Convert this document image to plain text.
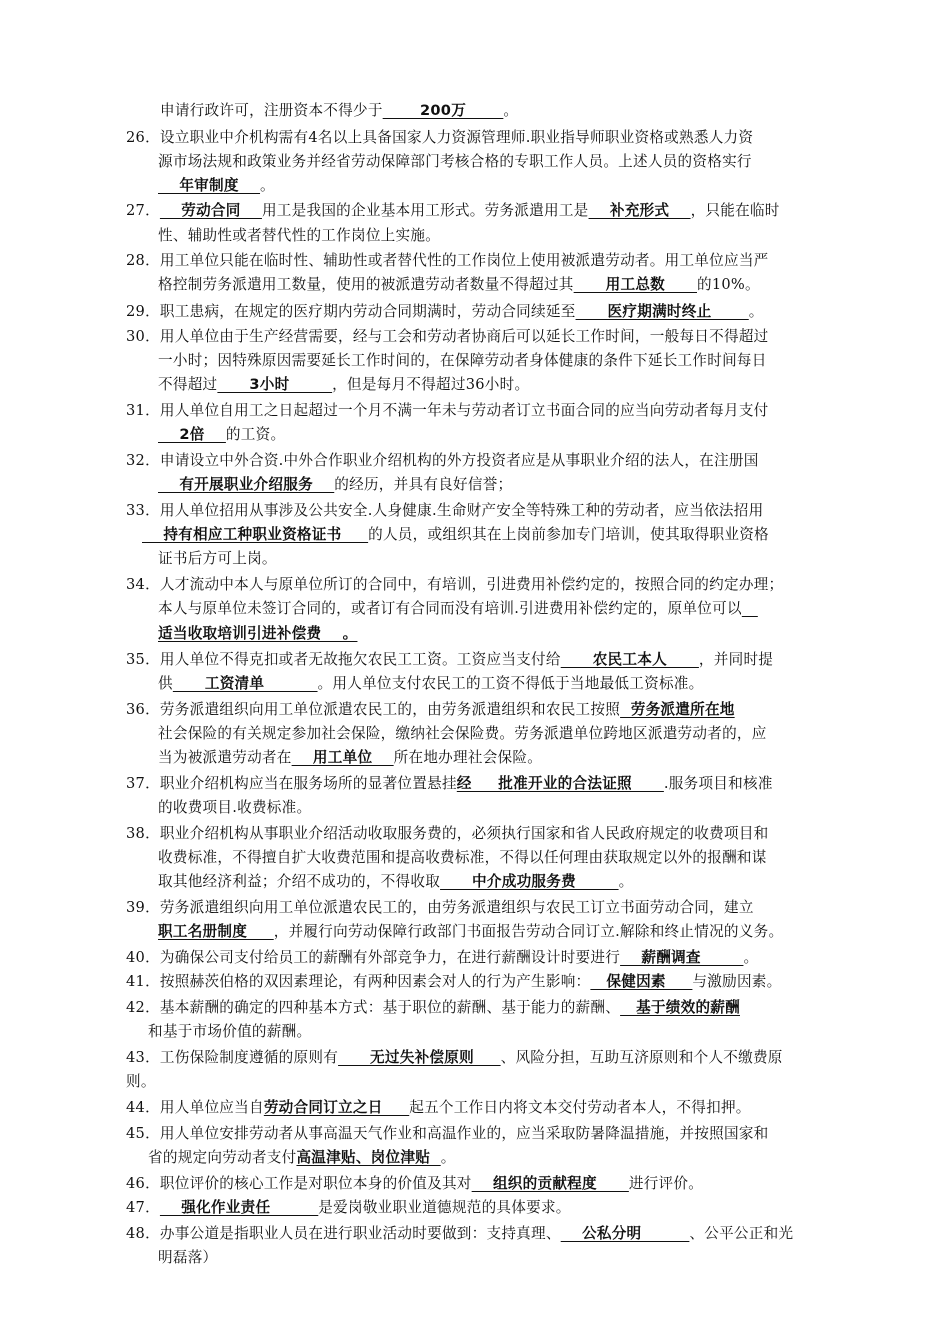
申请行政许可，注册资本不得少于       200万       。
26．设立职业中介机构需有4名以上具备国家人力资源管理师.职业指导师职业资格或熟悉人力资
源市场法规和政策业务并经省劳动保障部门考核合格的专职工作人员。上述人员的资格实行
年审制度    。
27．    劳动合同    用工是我国的企业基本用工形式。劳务派遣用工是    补充形式    ，只能在临时
性、辅助性或者替代性的工作岗位上实施。
28．用工单位只能在临时性、辅助性或者替代性的工作岗位上使用被派遣劳动者。用工单位应当严
格控制劳务派遣用工数量，使用的被派遣劳动者数量不得超过其      用工总数      的10%。
29．职工患病，在规定的医疗期内劳动合同期满时，劳动合同续延至      医疗期满时终止       。
30．用人单位由于生产经营需要，经与工会和劳动者协商后可以延长工作时间，一般每日不得超过
一小时；因特殊原因需要延长工作时间的，在保障劳动者身体健康的条件下延长工作时间每日
不得超过      3小时        ，但是每月不得超过36小时。
31．用人单位自用工之日起超过一个月不满一年未与劳动者订立书面合同的应当向劳动者每月支付
2倍    的工资。
32．申请设立中外合资.中外合作职业介绍机构的外方投资者应是从事职业介绍的法人，在注册国
有开展职业介绍服务    的经历，并具有良好信誉；
33．用人单位招用从事涉及公共安全.人身健康.生命财产安全等特殊工种的劳动者，应当依法招用
持有相应工种职业资格证书     的人员，或组织其在上岗前参加专门培训，使其取得职业资格
证书后方可上岗。
34．人才流动中本人与原单位所订的合同中，有培训，引进费用补偿约定的，按照合同的约定办理；
本人与原单位未签订合同的，或者订有合同而没有培训.引进费用补偿约定的，原单位可以
适当收取培训引进补偿费    。
35．用人单位不得克扣或者无故拖欠农民工工资。工资应当支付给      农民工本人      ，并同时提
供      工资清单          。用人单位支付农民工的工资不得低于当地最低工资标准。
36．劳务派遣组织向用工单位派遣农民工的，由劳务派遣组织和农民工按照  劳务派遣所在地
社会保险的有关规定参加社会保险，缴纳社会保险费。劳务派遣单位跨地区派遣劳动者的，应
当为被派遣劳动者在    用工单位    所在地办理社会保险。
37．职业介绍机构应当在服务场所的显著位置悬挂经     批准开业的合法证照      .服务项目和核准
的收费项目.收费标准。
38．职业介绍机构从事职业介绍活动收取服务费的，必须执行国家和省人民政府规定的收费项目和
收费标准，不得擅自扩大收费范围和提高收费标准，不得以任何理由获取规定以外的报酬和谋
取其他经济利益；介绍不成功的，不得收取      中介成功服务费        。
39．劳务派遣组织向用工单位派遣农民工的，由劳务派遣组织与农民工订立书面劳动合同，建立
职工名册制度     ，并履行向劳动保障行政部门书面报告劳动合同订立.解除和终止情况的义务。
40．为确保公司支付给员工的薪酬有外部竞争力，在进行薪酬设计时要进行    薪酬调查        。
41．按照赫茨伯格的双因素理论，有两种因素会对人的行为产生影响：   保健因素     与激励因素。
42．基本薪酬的确定的四种基本方式：基于职位的薪酬、基于能力的薪酬、   基于绩效的薪酬
和基于市场价值的薪酬。
43．工伤保险制度遵循的原则有      无过失补偿原则     、风险分担，互助互济原则和个人不缴费原
则。
44．用人单位应当自劳动合同订立之日     起五个工作日内将文本交付劳动者本人，不得扣押。
45．用人单位安排劳动者从事高温天气作业和高温作业的，应当采取防暑降温措施，并按照国家和
省的规定向劳动者支付高温津贴、岗位津贴  。
46．职位评价的核心工作是对职位本身的价值及其对    组织的贡献程度      进行评价。
47．    强化作业责任         是爱岗敬业职业道德规范的具体要求。
48．办事公道是指职业人员在进行职业活动时要做到：支持真理、    公私分明         、公平公正和光
明磊落）
